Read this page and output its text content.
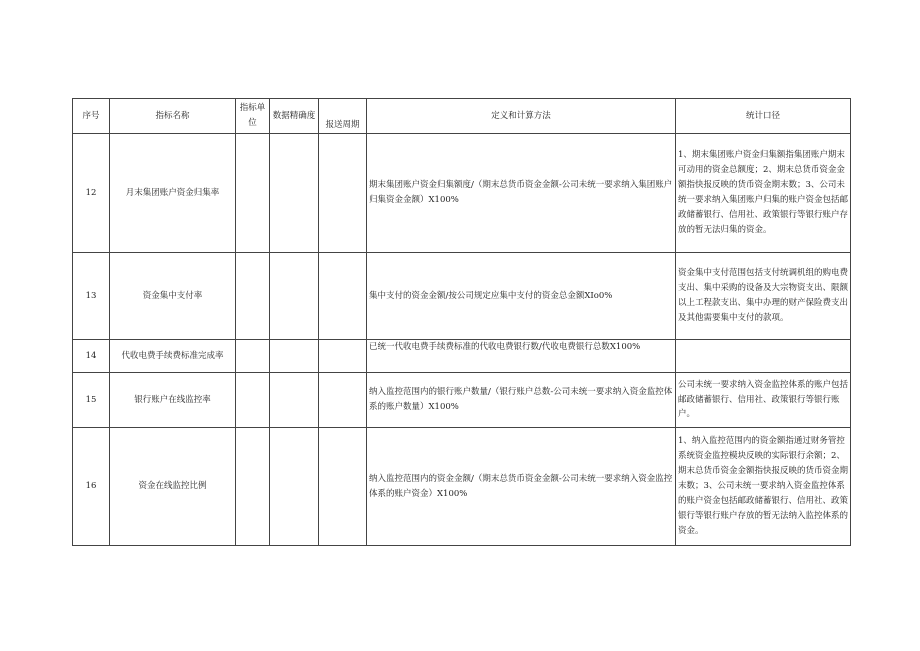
序号	指标名称	指标单位	数据精确度	报送周期	定义和计算方法	统计口径
12	月末集团账户资金归集率				期末集团账户资金归集额度/（期末总货币资金金额-公司未统一要求纳入集团账户归集资金金额）X100%	1、期末集团账户资金归集额指集团账户期末可动用的资金总额度；2、期末总货币资金金额指快报反映的货币资金期末数；3、公司未统一要求纳入集团账户归集的账户资金包括邮政储蓄银行、信用社、政策银行等银行账户存放的暂无法归集的资金。
13	资金集中支付率				集中支付的资金金额/按公司规定应集中支付的资金总金额XIo0%	资金集中支付范围包括支付统调机组的购电费支出、集中采购的设备及大宗物资支出、限额以上工程款支出、集中办理的财产保险费支出及其他需要集中支付的款项。
14	代收电费手续费标准完成率				已统一代收电费手续费标准的代收电费银行数/代收电费银行总数X100%	
15	银行账户在线监控率				纳入监控范围内的银行账户数量/（银行账户总数-公司未统一要求纳入资金监控体系的账户数量）X100%	公司未统一要求纳入资金监控体系的账户包括邮政储蓄银行、信用社、政策银行等银行账户。
16	资金在线监控比例				纳入监控范围内的资金金额/（期末总货币资金金额-公司未统一要求纳入资金监控体系的账户资金）X100%	1、纳入监控范围内的资金额指通过财务管控系统资金监控模块反映的实际银行余额；2、期末总货币资金金额指快报反映的货币资金期末数；3、公司未统一要求纳入资金监控体系的账户资金包括邮政储蓄银行、信用社、政策银行等银行账户存放的暂无法纳入监控体系的资金。
